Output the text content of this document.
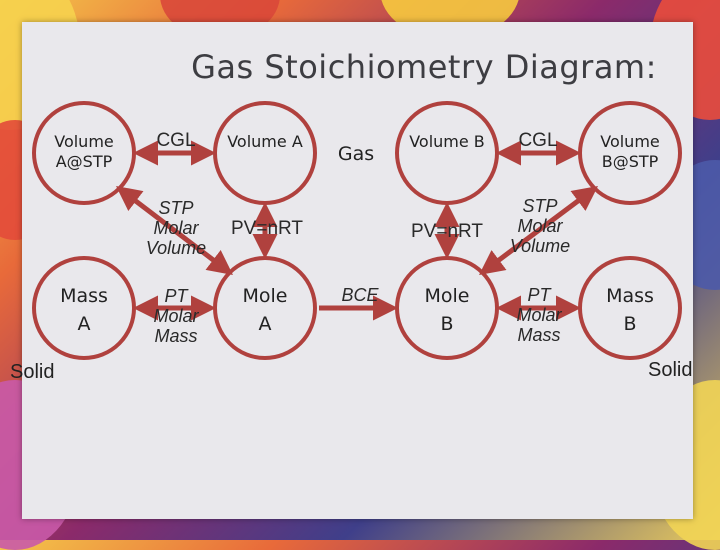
Gas Stoichiometry Diagram:
Volume A@STP
Volume A
Gas
Volume B	Volume B@STP
Mass A
Mole A
Mole B
Mass B
CGL	CGL
STP Molar Volume
STP Molar Volume
PV=nRT	PV=nRT
PT Molar Mass
PT Molar Mass
BCE
Solid	Solid
